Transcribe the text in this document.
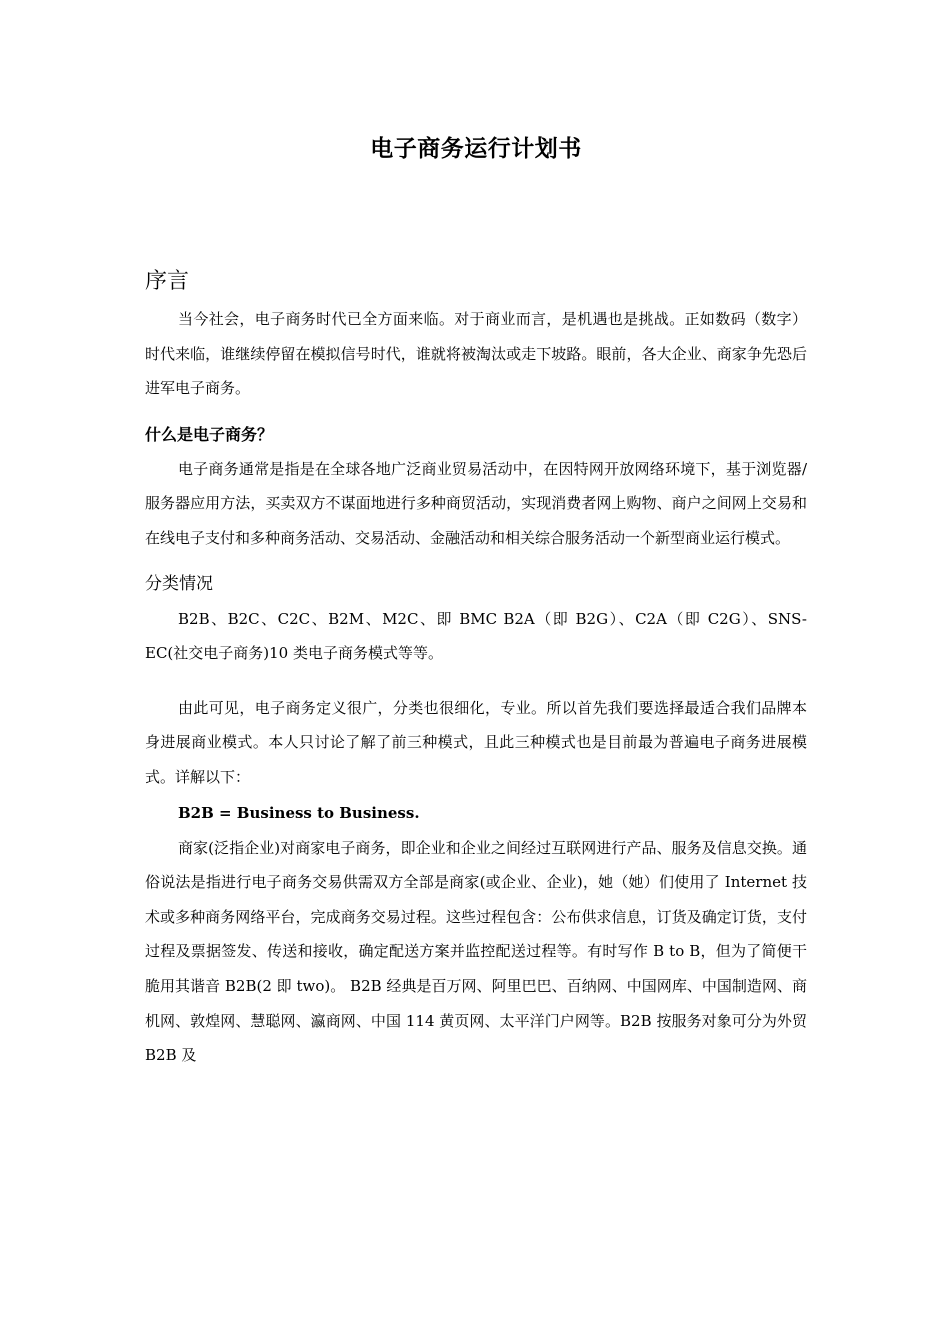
电子商务运行计划书
序言

当今社会，电子商务时代已全方面来临。对于商业而言，是机遇也是挑战。正如数码（数字）时代来临，谁继续停留在模拟信号时代，谁就将被淘汰或走下坡路。眼前，各大企业、商家争先恐后进军电子商务。

什么是电子商务？

电子商务通常是指是在全球各地广泛商业贸易活动中，在因特网开放网络环境下，基于浏览器/服务器应用方法，买卖双方不谋面地进行多种商贸活动，实现消费者网上购物、商户之间网上交易和在线电子支付和多种商务活动、交易活动、金融活动和相关综合服务活动一个新型商业运行模式。

分类情况

B2B、B2C、C2C、B2M、M2C、即 BMC B2A（即 B2G）、C2A（即 C2G）、SNS-EC(社交电子商务)10 类电子商务模式等等。

由此可见，电子商务定义很广，分类也很细化，专业。所以首先我们要选择最适合我们品牌本身进展商业模式。本人只讨论了解了前三种模式，且此三种模式也是目前最为普遍电子商务进展模式。详解以下：

B2B = Business to Business.

商家(泛指企业)对商家电子商务，即企业和企业之间经过互联网进行产品、服务及信息交换。通俗说法是指进行电子商务交易供需双方全部是商家(或企业、企业)，她（她）们使用了 Internet 技术或多种商务网络平台，完成商务交易过程。这些过程包含：公布供求信息，订货及确定订货，支付过程及票据签发、传送和接收，确定配送方案并监控配送过程等。有时写作 B to B，但为了简便干脆用其谐音 B2B(2 即 two)。 B2B 经典是百万网、阿里巴巴、百纳网、中国网库、中国制造网、商机网、敦煌网、慧聪网、瀛商网、中国 114 黄页网、太平洋门户网等。B2B 按服务对象可分为外贸 B2B 及
